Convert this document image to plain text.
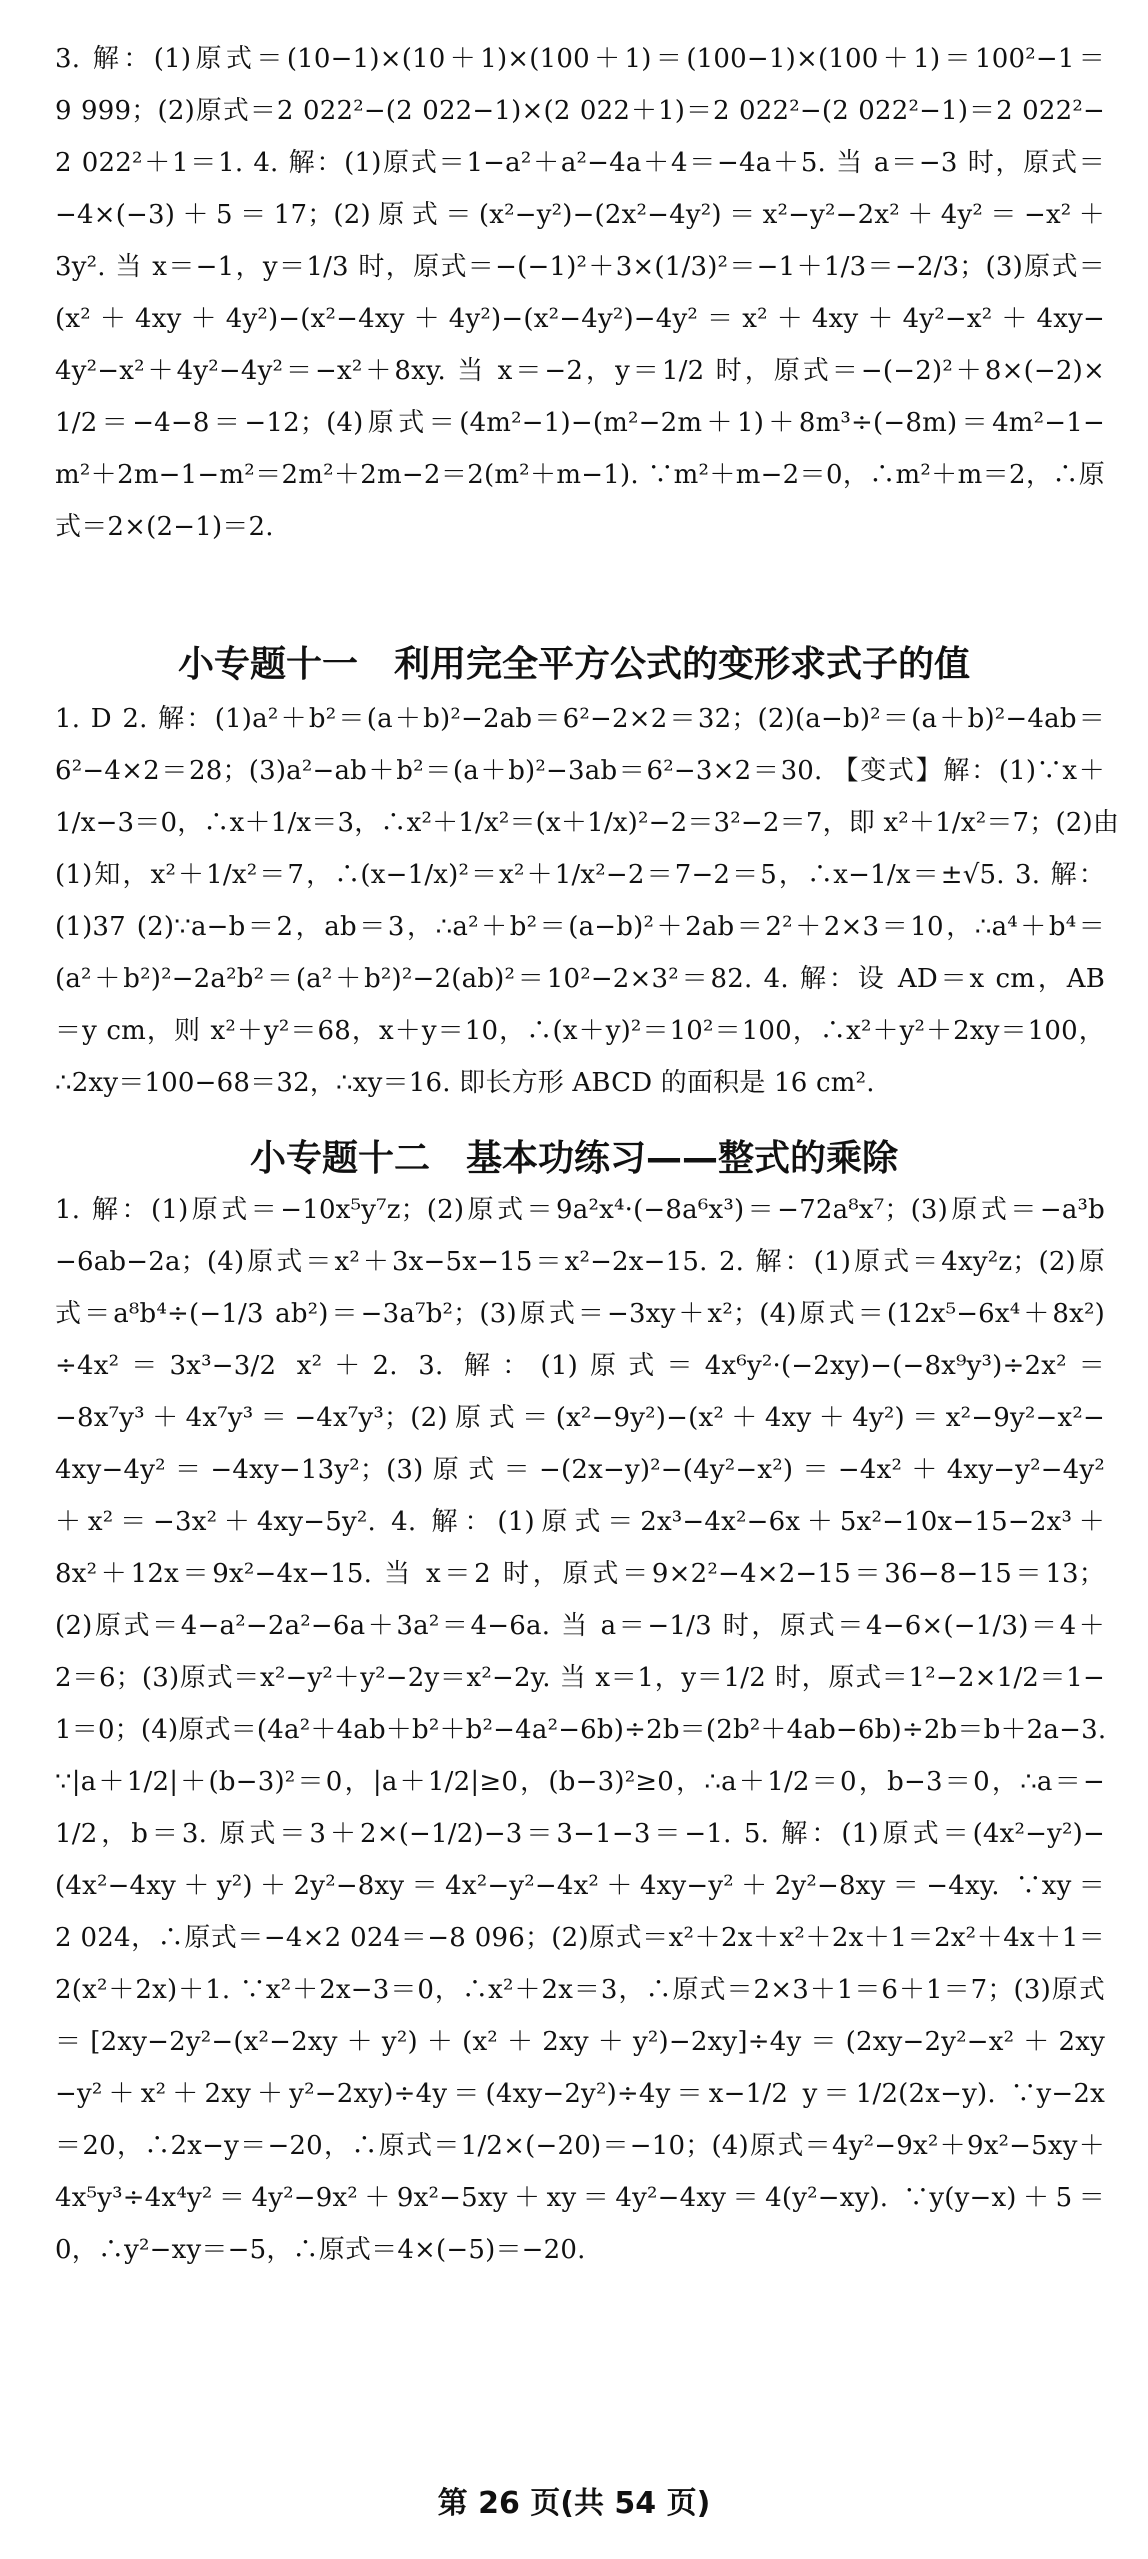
3. 解：(1)原式＝(10−1)×(10＋1)×(100＋1)＝(100−1)×(100＋1)＝100²−1＝
9 999；(2)原式＝2 022²−(2 022−1)×(2 022＋1)＝2 022²−(2 022²−1)＝2 022²−
2 022²＋1＝1. 4. 解：(1)原式＝1−a²＋a²−4a＋4＝−4a＋5. 当 a＝−3 时，原式＝
−4×(−3)＋5＝17；(2)原式＝(x²−y²)−(2x²−4y²)＝x²−y²−2x²＋4y²＝−x²＋
3y². 当 x＝−1，y＝1/3 时，原式＝−(−1)²＋3×(1/3)²＝−1＋1/3＝−2/3；(3)原式＝
(x²＋4xy＋4y²)−(x²−4xy＋4y²)−(x²−4y²)−4y²＝x²＋4xy＋4y²−x²＋4xy−
4y²−x²＋4y²−4y²＝−x²＋8xy. 当 x＝−2，y＝1/2 时，原式＝−(−2)²＋8×(−2)×
1/2＝−4−8＝−12；(4)原式＝(4m²−1)−(m²−2m＋1)＋8m³÷(−8m)＝4m²−1−
m²＋2m−1−m²＝2m²＋2m−2＝2(m²＋m−1). ∵m²＋m−2＝0，∴m²＋m＝2，∴原
式＝2×(2−1)＝2.
小专题十一　利用完全平方公式的变形求式子的值
1. D 2. 解：(1)a²＋b²＝(a＋b)²−2ab＝6²−2×2＝32；(2)(a−b)²＝(a＋b)²−4ab＝
6²−4×2＝28；(3)a²−ab＋b²＝(a＋b)²−3ab＝6²−3×2＝30. 【变式】解：(1)∵x＋
1/x−3＝0，∴x＋1/x＝3，∴x²＋1/x²＝(x＋1/x)²−2＝3²−2＝7，即 x²＋1/x²＝7；(2)由
(1)知，x²＋1/x²＝7，∴(x−1/x)²＝x²＋1/x²−2＝7−2＝5，∴x−1/x＝±√5. 3. 解：
(1)37 (2)∵a−b＝2，ab＝3，∴a²＋b²＝(a−b)²＋2ab＝2²＋2×3＝10，∴a⁴＋b⁴＝
(a²＋b²)²−2a²b²＝(a²＋b²)²−2(ab)²＝10²−2×3²＝82. 4. 解：设 AD＝x cm，AB
＝y cm，则 x²＋y²＝68，x＋y＝10，∴(x＋y)²＝10²＝100，∴x²＋y²＋2xy＝100，
∴2xy＝100−68＝32，∴xy＝16. 即长方形 ABCD 的面积是 16 cm².
小专题十二　基本功练习——整式的乘除
1. 解：(1)原式＝−10x⁵y⁷z；(2)原式＝9a²x⁴·(−8a⁶x³)＝−72a⁸x⁷；(3)原式＝−a³b
−6ab−2a；(4)原式＝x²＋3x−5x−15＝x²−2x−15. 2. 解：(1)原式＝4xy²z；(2)原
式＝a⁸b⁴÷(−1/3 ab²)＝−3a⁷b²；(3)原式＝−3xy＋x²；(4)原式＝(12x⁵−6x⁴＋8x²)
÷4x²＝3x³−3/2 x²＋2. 3. 解：(1)原式＝4x⁶y²·(−2xy)−(−8x⁹y³)÷2x²＝
−8x⁷y³＋4x⁷y³＝−4x⁷y³；(2)原式＝(x²−9y²)−(x²＋4xy＋4y²)＝x²−9y²−x²−
4xy−4y²＝−4xy−13y²；(3)原式＝−(2x−y)²−(4y²−x²)＝−4x²＋4xy−y²−4y²
＋x²＝−3x²＋4xy−5y². 4. 解：(1)原式＝2x³−4x²−6x＋5x²−10x−15−2x³＋
8x²＋12x＝9x²−4x−15. 当 x＝2 时，原式＝9×2²−4×2−15＝36−8−15＝13；
(2)原式＝4−a²−2a²−6a＋3a²＝4−6a. 当 a＝−1/3 时，原式＝4−6×(−1/3)＝4＋
2＝6；(3)原式＝x²−y²＋y²−2y＝x²−2y. 当 x＝1，y＝1/2 时，原式＝1²−2×1/2＝1−
1＝0；(4)原式＝(4a²＋4ab＋b²＋b²−4a²−6b)÷2b＝(2b²＋4ab−6b)÷2b＝b＋2a−3.
∵|a＋1/2|＋(b−3)²＝0，|a＋1/2|≥0，(b−3)²≥0，∴a＋1/2＝0，b−3＝0，∴a＝−
1/2，b＝3. 原式＝3＋2×(−1/2)−3＝3−1−3＝−1. 5. 解：(1)原式＝(4x²−y²)−
(4x²−4xy＋y²)＋2y²−8xy＝4x²−y²−4x²＋4xy−y²＋2y²−8xy＝−4xy. ∵xy＝
2 024，∴原式＝−4×2 024＝−8 096；(2)原式＝x²＋2x＋x²＋2x＋1＝2x²＋4x＋1＝
2(x²＋2x)＋1. ∵x²＋2x−3＝0，∴x²＋2x＝3，∴原式＝2×3＋1＝6＋1＝7；(3)原式
＝[2xy−2y²−(x²−2xy＋y²)＋(x²＋2xy＋y²)−2xy]÷4y＝(2xy−2y²−x²＋2xy
−y²＋x²＋2xy＋y²−2xy)÷4y＝(4xy−2y²)÷4y＝x−1/2 y＝1/2(2x−y). ∵y−2x
＝20，∴2x−y＝−20，∴原式＝1/2×(−20)＝−10；(4)原式＝4y²−9x²＋9x²−5xy＋
4x⁵y³÷4x⁴y²＝4y²−9x²＋9x²−5xy＋xy＝4y²−4xy＝4(y²−xy). ∵y(y−x)＋5＝
0，∴y²−xy＝−5，∴原式＝4×(−5)＝−20.
第 26 页(共 54 页)
